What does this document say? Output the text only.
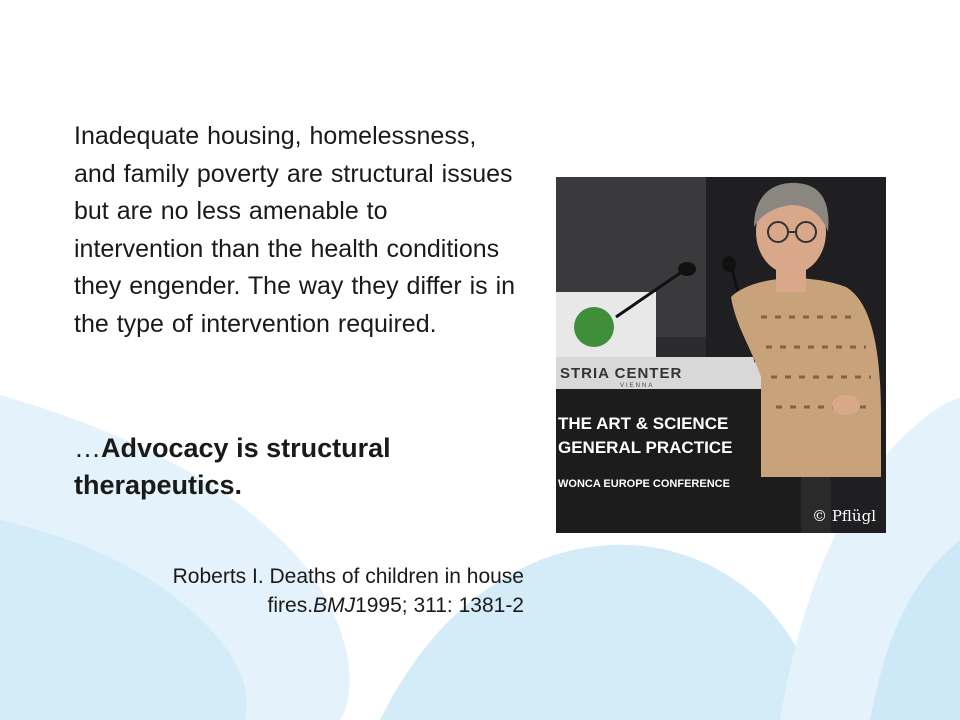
Inadequate housing, homelessness, and family poverty are structural issues but are no less amenable to intervention than the health conditions they engender. The way they differ is in the type of intervention required.

…Advocacy is structural therapeutics.
Roberts I. Deaths of children in house fires.BMJ1995; 311: 1381-2
STRIA CENTER
VIENNA
THE ART & SCIENCE
GENERAL PRACTICE
WONCA EUROPE CONFERENCE
© Pflügl
